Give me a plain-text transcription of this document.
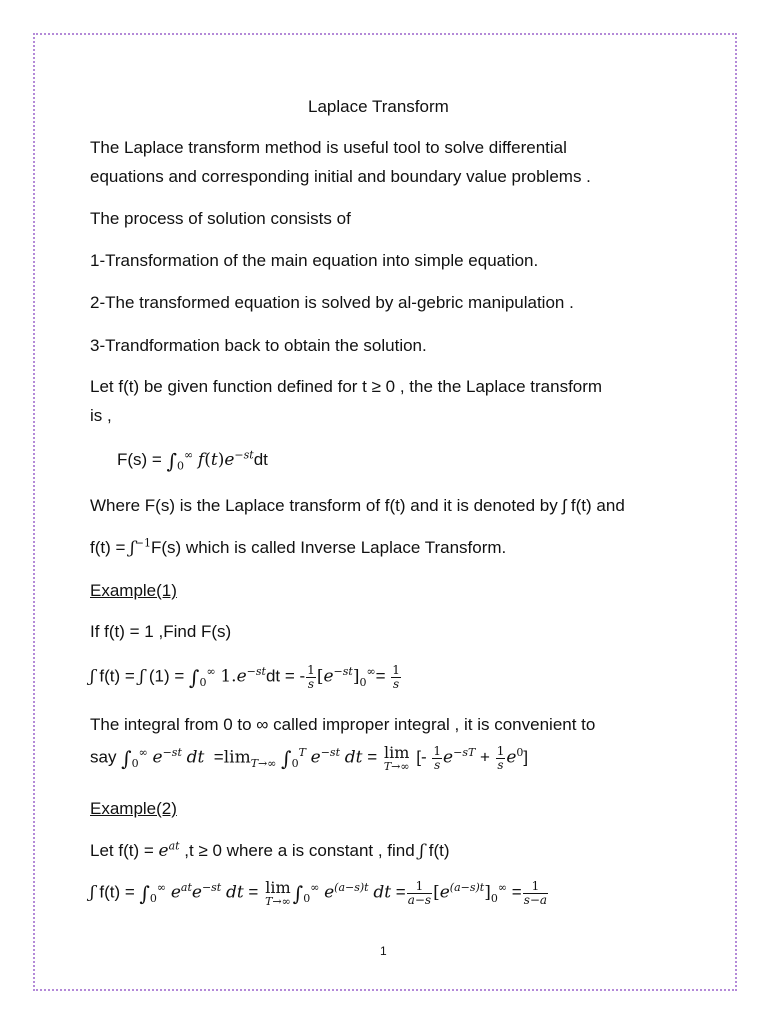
Laplace Transform
The Laplace transform method is useful tool to solve differential
equations and corresponding initial and boundary value problems .
The process of solution consists of
1-Transformation of the main equation into simple equation.
2-The transformed equation is solved by al-gebric manipulation .
3-Trandformation back to obtain the solution.
Let f(t) be given function defined for t ≥ 0 , the the Laplace transform
is ,
$F(s) = \int_0^\infty$ $f(t)e^{-st}dt$
Where F(s) is the Laplace transform of f(t) and it is denoted by ʃ f(t) and
f(t) = ʃ$^{-1}$F(s) which is called Inverse Laplace Transform.
Example(1)
If f(t) = 1 ,Find F(s)
ʃ f(t) = ʃ $(1) = \int_0^\infty$ $1.e^{-st}dt$ = - $\frac{1}{s} [e^{-st}]_0^\infty= \frac{1}{s}$
The integral from 0 to ∞ called improper integral , it is convenient to
say $\int_0^\infty$ $e^{-st}$ dt  $=\lim_{T\to\infty}$ $\int_0^T$ $e^{-st}$ dt = lim
T→∞ [- $\frac{1}{s} e^{-sT} + \frac{1}{s} e^0$]
Example(2)
Let $f(t) = e^{at}$ ,t ≥ 0 where a is constant , find ʃ f(t)
ʃ $f(t) = \int_0^\infty$ $e^{at}e^{-st}$ dt = lim
T→∞ $\int_0^\infty$ $e^{(a-s)t}$ dt = $\frac{1}{a-s} [e^{(a-s)t}]_0^\infty = \frac{1}{s-a}$
1
